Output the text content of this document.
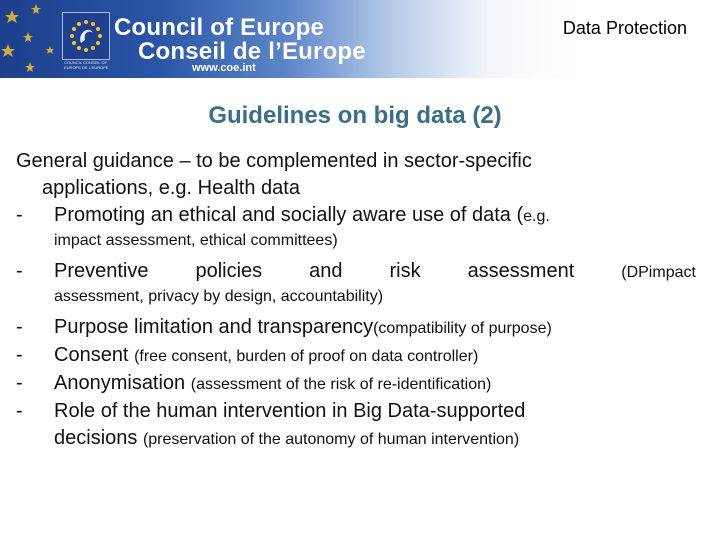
COUNCIL CONSEIL OF EUROPE DE L'EUROPE
Council of Europe
Conseil de l’Europe
www.coe.int
Data Protection
Guidelines on big data (2)
General guidance – to be complemented in sector-specific
applications, e.g. Health data
- Promoting an ethical and socially aware use of data (e.g.
impact assessment, ethical committees)
- Preventive policies and risk assessment	(DPimpact
assessment, privacy by design, accountability)
- Purpose limitation and transparency(compatibility of purpose)
- Consent (free consent, burden of proof on data controller)
- Anonymisation (assessment of the risk of re-identification)
- Role of the human intervention in Big Data-supported
decisions (preservation of the autonomy of human intervention)
